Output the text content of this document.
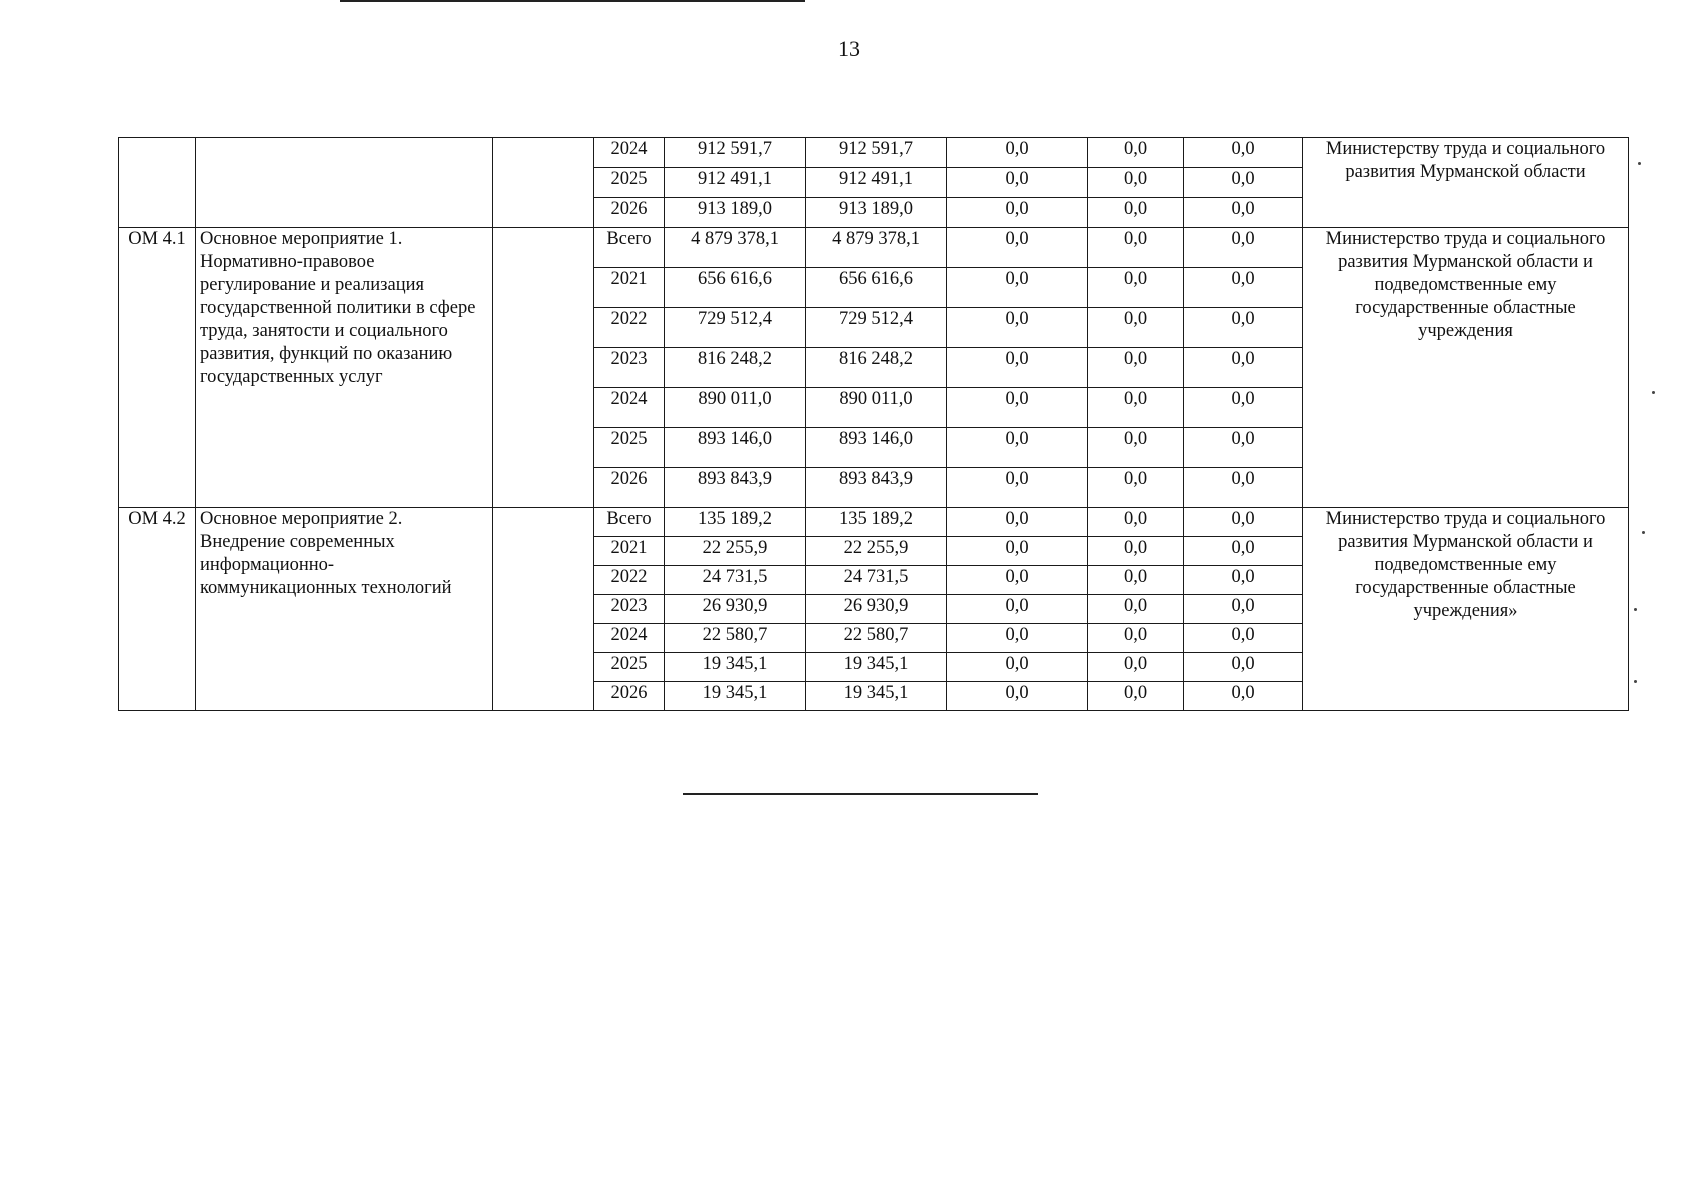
13
			2024	912 591,7	912 591,7	0,0	0,0	0,0	Министерству труда и социального развития Мурманской области
			2025	912 491,1	912 491,1	0,0	0,0	0,0	
			2026	913 189,0	913 189,0	0,0	0,0	0,0	
ОМ 4.1	Основное мероприятие 1. Нормативно-правовое регулирование и реализация государственной политики в сфере труда, занятости и социального развития, функций по оказанию государственных услуг		Всего	4 879 378,1	4 879 378,1	0,0	0,0	0,0	Министерство труда и социального развития Мурманской области и подведомственные ему государственные областные учреждения
			2021	656 616,6	656 616,6	0,0	0,0	0,0	
			2022	729 512,4	729 512,4	0,0	0,0	0,0	
			2023	816 248,2	816 248,2	0,0	0,0	0,0	
			2024	890 011,0	890 011,0	0,0	0,0	0,0	
			2025	893 146,0	893 146,0	0,0	0,0	0,0	
			2026	893 843,9	893 843,9	0,0	0,0	0,0	
ОМ 4.2	Основное мероприятие 2. Внедрение современных информационно-коммуникационных технологий		Всего	135 189,2	135 189,2	0,0	0,0	0,0	Министерство труда и социального развития Мурманской области и подведомственные ему государственные областные учреждения»
			2021	22 255,9	22 255,9	0,0	0,0	0,0	
			2022	24 731,5	24 731,5	0,0	0,0	0,0	
			2023	26 930,9	26 930,9	0,0	0,0	0,0	
			2024	22 580,7	22 580,7	0,0	0,0	0,0	
			2025	19 345,1	19 345,1	0,0	0,0	0,0	
			2026	19 345,1	19 345,1	0,0	0,0	0,0	
